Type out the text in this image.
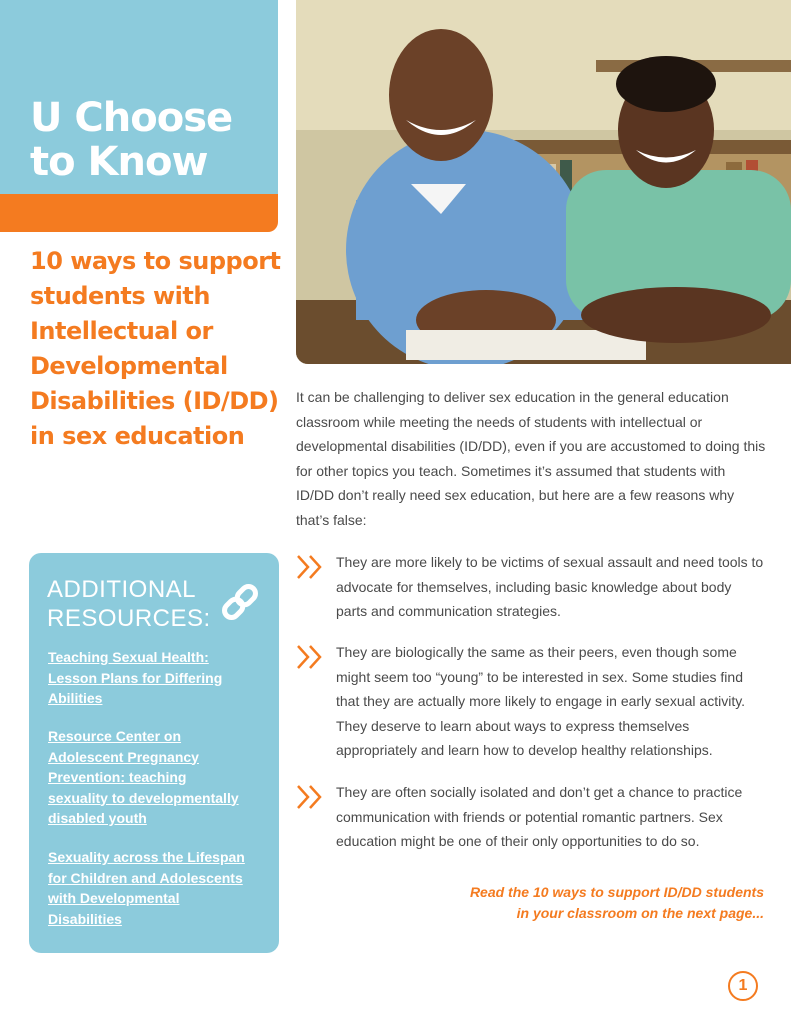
U Choose
to Know
10 ways to support
students with
Intellectual or
Developmental
Disabilities (ID/DD)
in sex education

It can be challenging to deliver sex education in the general education classroom while meeting the needs of students with intellectual or developmental disabilities (ID/DD), even if you are accustomed to doing this for other topics you teach. Sometimes it’s assumed that students with ID/DD don’t really need sex education, but here are a few reasons why that’s false:

They are more likely to be victims of sexual assault and need tools to advocate for themselves, including basic knowledge about body parts and communication strategies.

They are biologically the same as their peers, even though some might seem too “young” to be interested in sex. Some studies find that they are actually more likely to engage in early sexual activity. They deserve to learn about ways to express themselves appropriately and learn how to develop healthy relationships.

They are often socially isolated and don’t get a chance to practice communication with friends or potential romantic partners. Sex education might be one of their only opportunities to do so.

Read the 10 ways to support ID/DD students
in your classroom on the next page...
1
ADDITIONAL
RESOURCES:
Teaching Sexual Health:
Lesson Plans for Differing
Abilities
Resource Center on
Adolescent Pregnancy
Prevention: teaching
sexuality to developmentally
disabled youth
Sexuality across the Lifespan
for Children and Adolescents
with Developmental
Disabilities
